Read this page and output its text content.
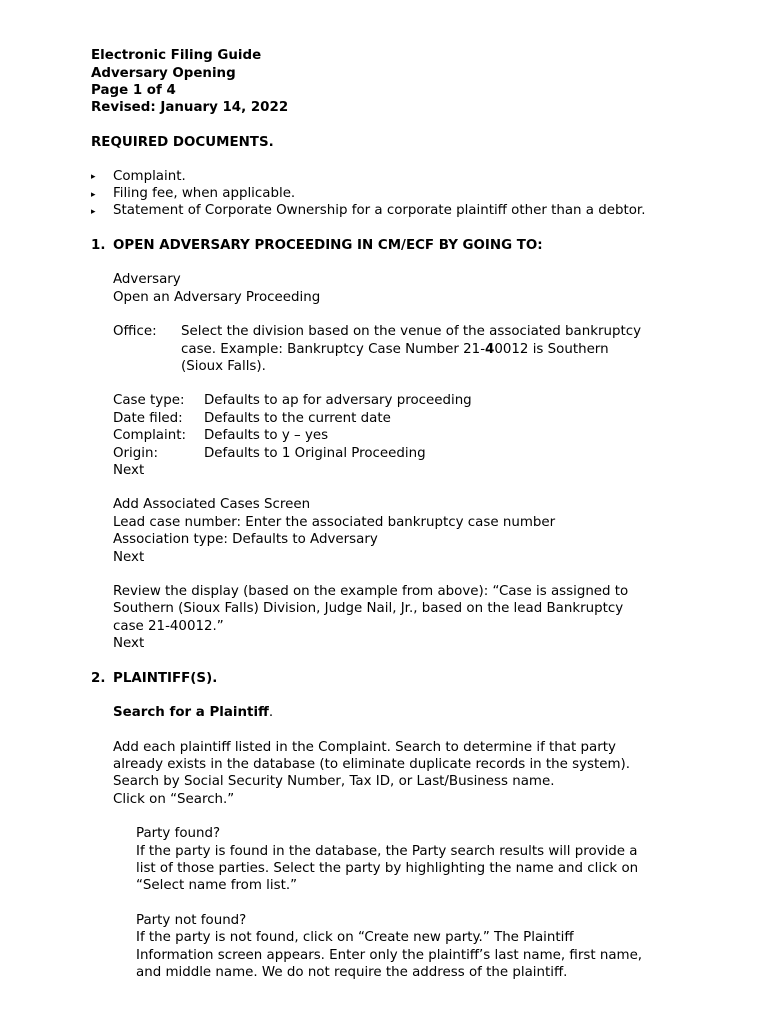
Electronic Filing Guide
Adversary Opening
Page 1 of 4
Revised: January 14, 2022
REQUIRED DOCUMENTS.
▸ Complaint.
▸ Filing fee, when applicable.
▸ Statement of Corporate Ownership for a corporate plaintiff other than a debtor.
1. OPEN ADVERSARY PROCEEDING IN CM/ECF BY GOING TO:
Adversary
Open an Adversary Proceeding
Office: Select the division based on the venue of the associated bankruptcy
case. Example: Bankruptcy Case Number 21-40012 is Southern
(Sioux Falls).
Case type: Defaults to ap for adversary proceeding
Date filed: Defaults to the current date
Complaint: Defaults to y – yes
Origin:	Defaults to 1 Original Proceeding
Next
Add Associated Cases Screen
Lead case number: Enter the associated bankruptcy case number
Association type: Defaults to Adversary
Next
Review the display (based on the example from above): “Case is assigned to
Southern (Sioux Falls) Division, Judge Nail, Jr., based on the lead Bankruptcy
case 21-40012.”
Next
2. PLAINTIFF(S).
Search for a Plaintiff.
Add each plaintiff listed in the Complaint. Search to determine if that party
already exists in the database (to eliminate duplicate records in the system).
Search by Social Security Number, Tax ID, or Last/Business name.
Click on “Search.”
Party found?
If the party is found in the database, the Party search results will provide a
list of those parties. Select the party by highlighting the name and click on
“Select name from list.”
Party not found?
If the party is not found, click on “Create new party.” The Plaintiff
Information screen appears. Enter only the plaintiff’s last name, first name,
and middle name. We do not require the address of the plaintiff.
